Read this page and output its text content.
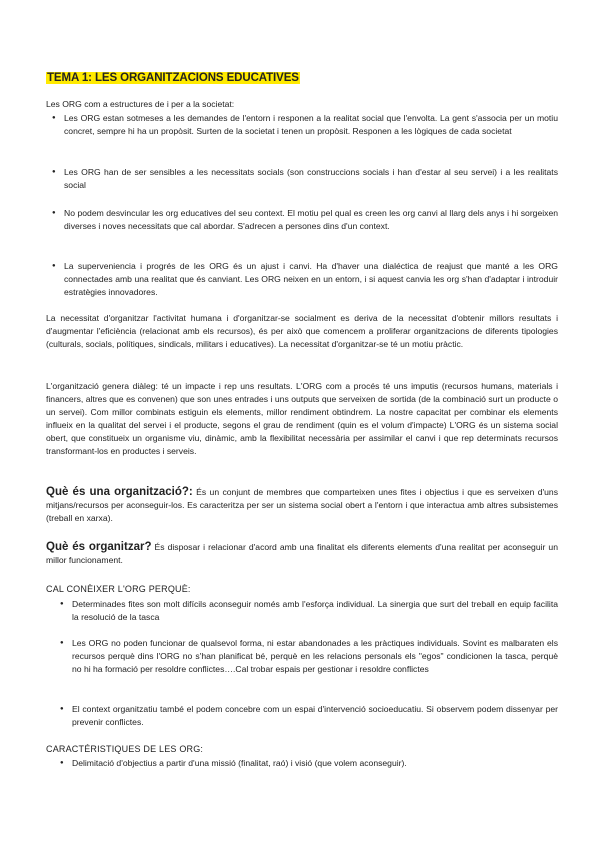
TEMA 1: LES ORGANITZACIONS EDUCATIVES
Les ORG com a estructures de i per a la societat:
● Les ORG estan sotmeses a les demandes de l'entorn i responen a la realitat social que l'envolta. La gent s'associa per un motiu concret, sempre hi ha un propòsit. Surten de la societat i tenen un propòsit. Responen a les lògiques de cada societat
● Les ORG han de ser sensibles a les necessitats socials (son construccions socials i han d'estar al seu servei) i a les realitats social
● No podem desvincular les org educatives del seu context. El motiu pel qual es creen les org canvi al llarg dels anys i hi sorgeixen diverses i noves necessitats que cal abordar. S'adrecen a persones dins d'un context.
● La superveniencia i progrés de les ORG és un ajust i canvi. Ha d'haver una dialéctica de reajust que manté a les ORG connectades amb una realitat que és canviant. Les ORG neixen en un entorn, i si aquest canvia les org s'han d'adaptar i introduir estratègies innovadores.
La necessitat d'organitzar l'activitat humana i d'organitzar-se socialment es deriva de la necessitat d'obtenir millors resultats i d'augmentar l'eficiència (relacionat amb els recursos), és per això que comencem a proliferar organitzacions de diferents tipologies (culturals, socials, polítiques, sindicals, militars i educatives). La necessitat d'organitzar-se té un motiu pràctic.
L'organització genera diàleg: té un impacte i rep uns resultats. L'ORG com a procés té uns imputis (recursos humans, materials i financers, altres que es convenen) que son unes entrades i uns outputs que serveixen de sortida (de la combinació surt un producte o un servei). Com millor combinats estiguin els elements, millor rendiment obtindrem. La nostre capacitat per combinar els elements influeix en la qualitat del servei i el producte, segons el grau de rendiment (quin es el volum d'impacte) L'ORG és un sistema social obert, que constitueix un organisme viu, dinàmic, amb la flexibilitat necessària per assimilar el canvi i que rep determinats recursos transformant-los en productes i serveis.
Què és una organització?: És un conjunt de membres que comparteixen unes fites i objectius i que es serveixen d'uns mitjans/recursos per aconseguir-los. Es caracteritza per ser un sistema social obert a l'entorn i que interactua amb altres subsistemes (treball en xarxa).
Què és organitzar? És disposar i relacionar d'acord amb una finalitat els diferents elements d'una realitat per aconseguir un millor funcionament.
CAL CONÈIXER L'ORG PERQUÈ:
● Determinades fites son molt difícils aconseguir només amb l'esforça individual. La sinergia que surt del treball en equip facilita la resolució de la tasca
● Les ORG no poden funcionar de qualsevol forma, ni estar abandonades a les pràctiques individuals. Sovint es malbaraten els recursos perquè dins l'ORG no s'han planificat bé, perquè en les relacions personals els "egos" condicionen la tasca, perquè no hi ha formació per resoldre conflictes….Cal trobar espais per gestionar i resoldre conflictes
● El context organitzatiu també el podem concebre com un espai d'intervenció socioeducatiu. Si observem podem dissenyar per prevenir conflictes.
CARACTÉRISTIQUES DE LES ORG:
● Delimitació d'objectius a partir d'una missió (finalitat, raó) i visió (que volem aconseguir).
